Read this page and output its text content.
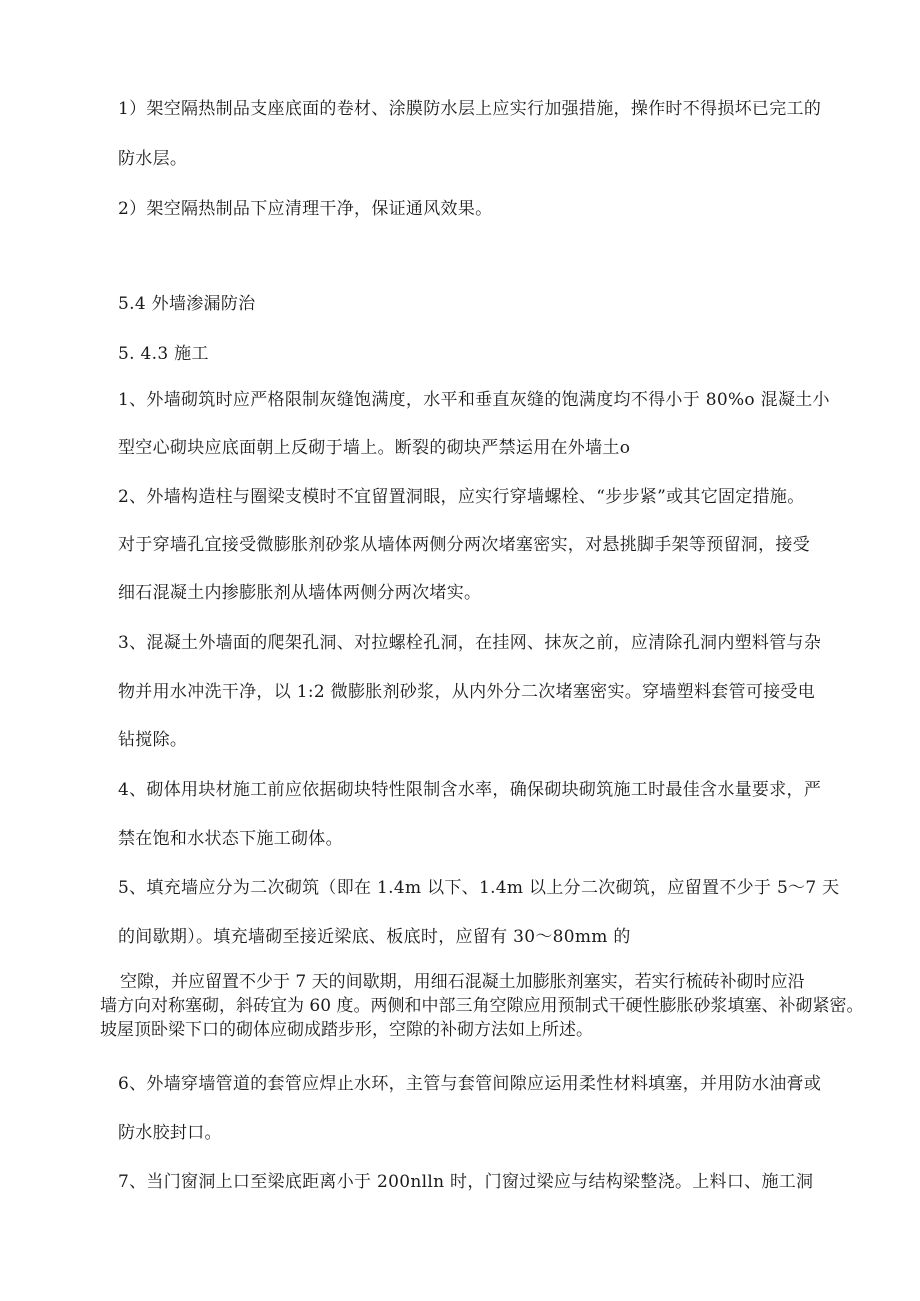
1）架空隔热制品支座底面的卷材、涂膜防水层上应实行加强措施，操作时不得损坏已完工的
防水层。
2）架空隔热制品下应清理干净，保证通风效果。
5.4 外墙渗漏防治
5. 4.3 施工
1、外墙砌筑时应严格限制灰缝饱满度，水平和垂直灰缝的饱满度均不得小于 80%o 混凝土小
型空心砌块应底面朝上反砌于墙上。断裂的砌块严禁运用在外墙土o
2、外墙构造柱与圈梁支模时不宜留置洞眼，应实行穿墙螺栓、“步步紧”或其它固定措施。
对于穿墙孔宜接受微膨胀剂砂浆从墙体两侧分两次堵塞密实，对悬挑脚手架等预留洞，接受
细石混凝土内掺膨胀剂从墙体两侧分两次堵实。
3、混凝土外墙面的爬架孔洞、对拉螺栓孔洞，在挂网、抹灰之前，应清除孔洞内塑料管与杂
物并用水冲洗干净，以 1:2 微膨胀剂砂浆，从内外分二次堵塞密实。穿墙塑料套管可接受电
钻搅除。
4、砌体用块材施工前应依据砌块特性限制含水率，确保砌块砌筑施工时最佳含水量要求，严
禁在饱和水状态下施工砌体。
5、填充墙应分为二次砌筑（即在 1.4m 以下、1.4m 以上分二次砌筑，应留置不少于 5～7 天
的间歇期）。填充墙砌至接近梁底、板底时，应留有 30～80mm 的

空隙，并应留置不少于 7 天的间歇期，用细石混凝土加膨胀剂塞实，若实行梳砖补砌时应沿

墙方向对称塞砌，斜砖宜为 60 度。两侧和中部三角空隙应用预制式干硬性膨胀砂浆填塞、补砌紧密。

坡屋顶卧梁下口的砌体应砌成踏步形，空隙的补砌方法如上所述。

6、外墙穿墙管道的套管应焊止水环，主管与套管间隙应运用柔性材料填塞，并用防水油膏或
防水胶封口。
7、当门窗洞上口至梁底距离小于 200nlln 时，门窗过梁应与结构梁整浇。上料口、施工洞
